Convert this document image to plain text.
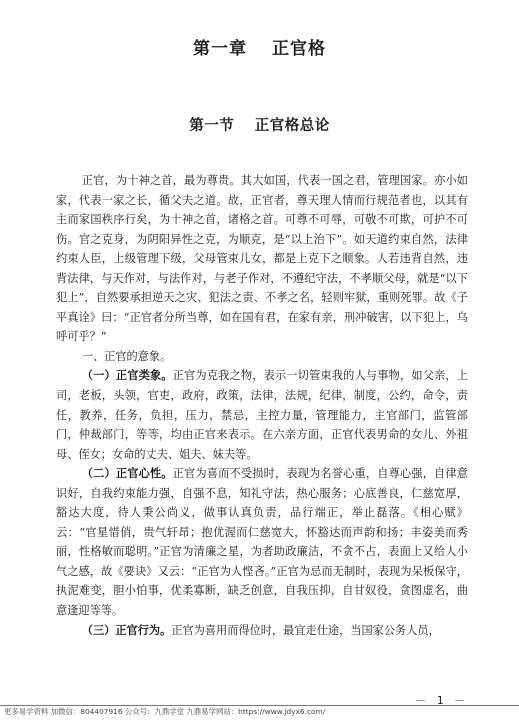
第一章　 正官格
第一节　 正官格总论

正官，为十神之首，最为尊贵。其大如国，代表一国之君，管理国家。亦小如家，代表一家之长，循父夫之道。故，正官者，尊天理人情而行规范者也，以其有主而家国秩序行矣，为十神之首，诸格之首。可尊不可辱，可敬不可欺，可护不可伤。官之克身，为阴阳异性之克，为顺克，是“以上治下”。如天道约束自然，法律约束人臣，上级管理下级，父母管束儿女，都是上克下之顺象。人若违背自然，违背法律，与天作对，与法作对，与老子作对，不遵纪守法，不孝顺父母，就是“以下犯上”，自然要承担逆天之灾、犯法之责、不孝之名，轻则牢狱，重则死罪。故《子平真诠》曰：“正官者分所当尊，如在国有君，在家有亲，刑冲破害，以下犯上，乌呼可乎？”

一、正官的意象。

（一）正官类象。正官为克我之物，表示一切管束我的人与事物，如父亲，上司，老板，头领，官吏，政府，政策，法律，法规，纪律，制度，公约，命令，责任，教养，任务，负担，压力，禁忌，主控力量，管理能力，主官部门，监管部门，仲裁部门，等等，均由正官来表示。在六亲方面，正官代表男命的女儿、外祖母、侄女；女命的丈夫、姐夫、妹夫等。

（二）正官心性。正官为喜而不受损时，表现为名誉心重，自尊心强，自律意识好，自我约束能力强，自强不息，知礼守法，热心服务；心底善良，仁慈宽厚，豁达大度，待人秉公尚义，做事认真负责，品行端正，举止磊落。《相心赋》云：“官星惜俏，贵气轩昂；抱优渥而仁慈宽大，怀豁达而声韵和扬；丰姿美而秀丽，性格敏而聪明。”正官为清廉之星，为者助政廉洁，不贪不占，表面上又给人小气之感，故《要诀》又云：“正官为人悭吝。”正官为忌而无制时，表现为呆板保守，执泥难变，胆小怕事，优柔寡断，缺乏创意，自我压抑，自甘奴役，贪图虚名，曲意逢迎等等。

（三）正官行为。正官为喜用而得位时，最宜走仕途，当国家公务人员，

－ 1 －
更多易学资料 加微信：804407916 公众号：九鼎学堂 九鼎易学网站：https://www.jdyx6.com/
